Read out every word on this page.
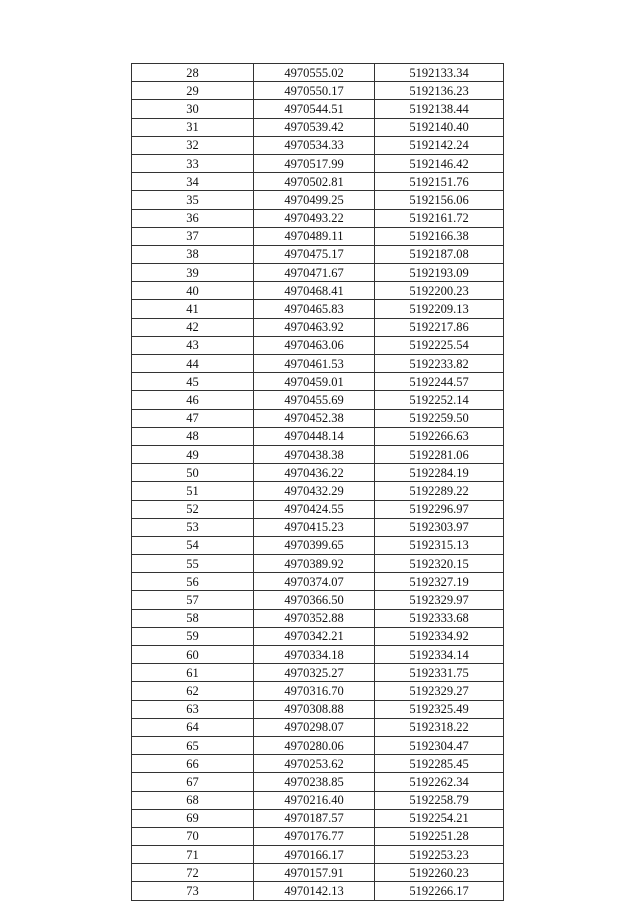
28	4970555.02	5192133.34
29	4970550.17	5192136.23
30	4970544.51	5192138.44
31	4970539.42	5192140.40
32	4970534.33	5192142.24
33	4970517.99	5192146.42
34	4970502.81	5192151.76
35	4970499.25	5192156.06
36	4970493.22	5192161.72
37	4970489.11	5192166.38
38	4970475.17	5192187.08
39	4970471.67	5192193.09
40	4970468.41	5192200.23
41	4970465.83	5192209.13
42	4970463.92	5192217.86
43	4970463.06	5192225.54
44	4970461.53	5192233.82
45	4970459.01	5192244.57
46	4970455.69	5192252.14
47	4970452.38	5192259.50
48	4970448.14	5192266.63
49	4970438.38	5192281.06
50	4970436.22	5192284.19
51	4970432.29	5192289.22
52	4970424.55	5192296.97
53	4970415.23	5192303.97
54	4970399.65	5192315.13
55	4970389.92	5192320.15
56	4970374.07	5192327.19
57	4970366.50	5192329.97
58	4970352.88	5192333.68
59	4970342.21	5192334.92
60	4970334.18	5192334.14
61	4970325.27	5192331.75
62	4970316.70	5192329.27
63	4970308.88	5192325.49
64	4970298.07	5192318.22
65	4970280.06	5192304.47
66	4970253.62	5192285.45
67	4970238.85	5192262.34
68	4970216.40	5192258.79
69	4970187.57	5192254.21
70	4970176.77	5192251.28
71	4970166.17	5192253.23
72	4970157.91	5192260.23
73	4970142.13	5192266.17
